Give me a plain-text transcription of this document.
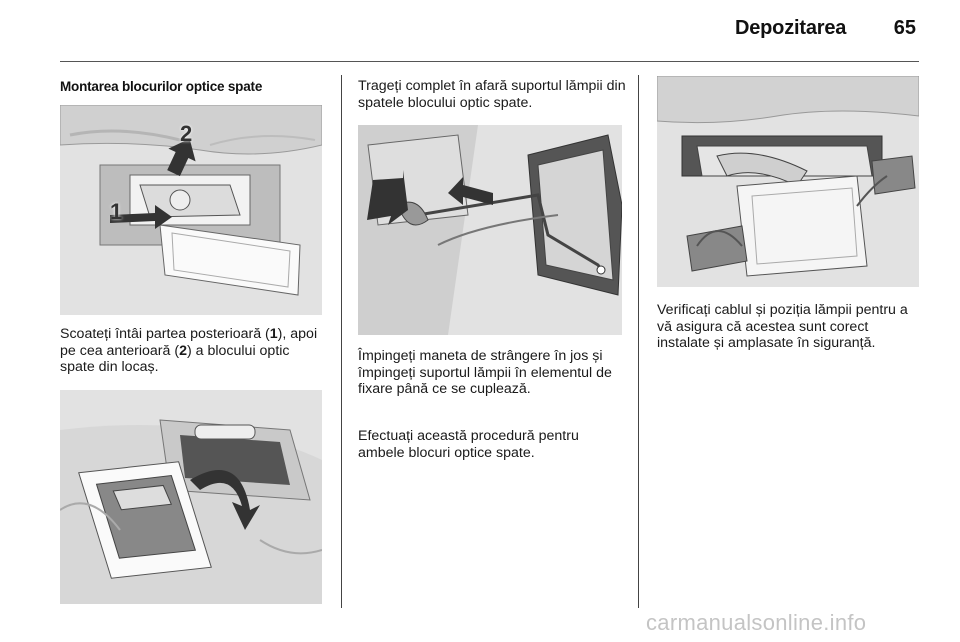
Depozitarea	65
Montarea blocurilor optice spate
1
2

Scoateți întâi partea posterioară (1), apoi pe cea anterioară (2) a blocului optic spate din locaș.

Trageți complet în afară suportul lămpii din spatele blocului optic spate.

Împingeți maneta de strângere în jos și împingeți suportul lămpii în elementul de fixare până ce se cuplează.

Efectuați această procedură pentru ambele blocuri optice spate.

Verificați cablul și poziția lămpii pentru a vă asigura că acestea sunt corect instalate și amplasate în siguranță.

carmanualsonline.info
